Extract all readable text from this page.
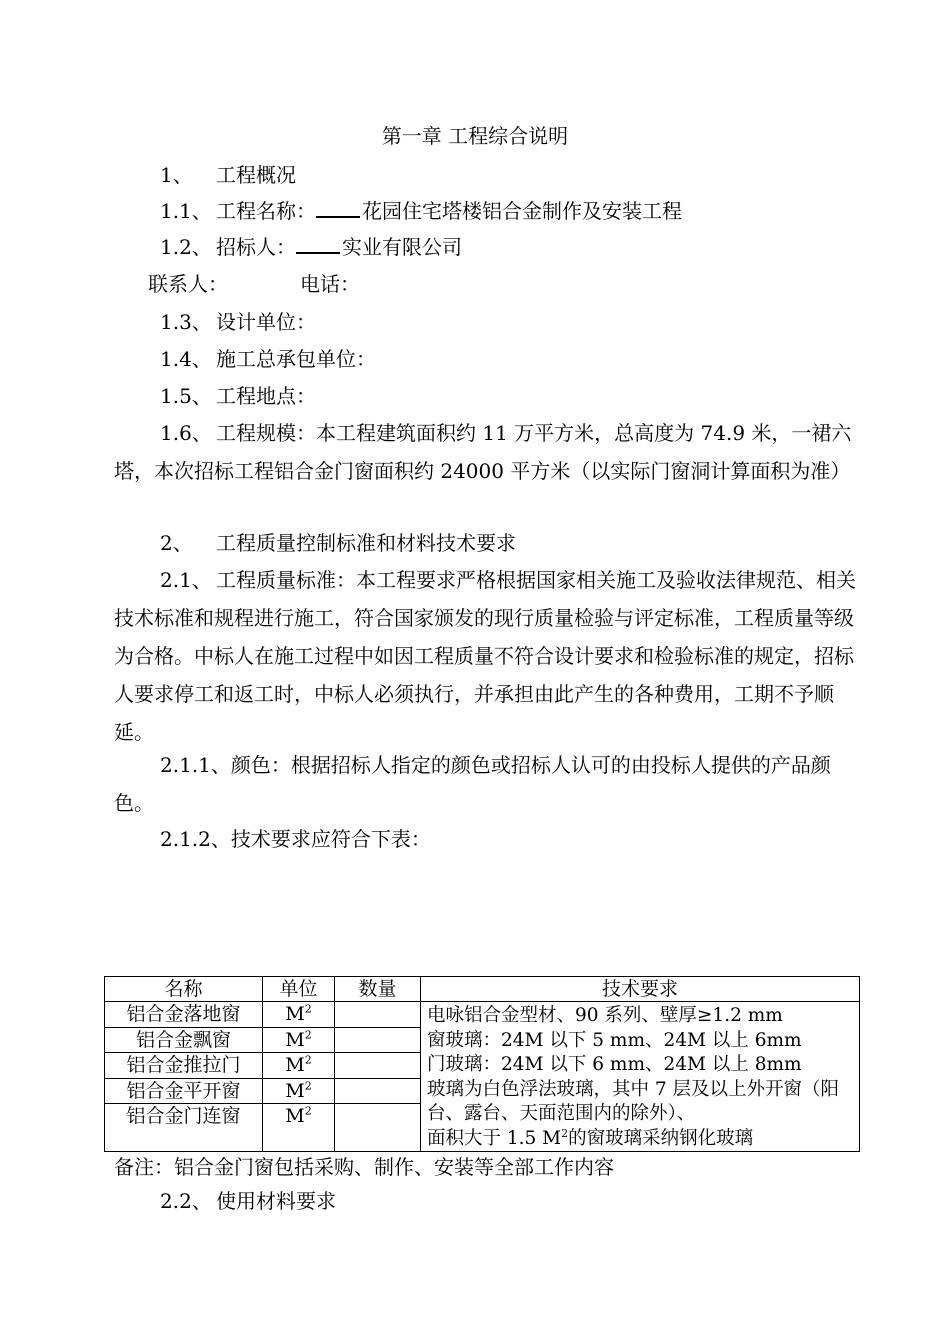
第一章 工程综合说明

1、 工程概况

1.1、 工程名称： 花园住宅塔楼铝合金制作及安装工程

1.2、 招标人： 实业有限公司

联系人：	电话：

1.3、 设计单位：

1.4、 施工总承包单位：

1.5、 工程地点：

1.6、 工程规模：本工程建筑面积约 11 万平方米，总高度为 74.9 米，一裙六塔，本次招标工程铝合金门窗面积约 24000 平方米（以实际门窗洞计算面积为准）

2、 工程质量控制标准和材料技术要求

2.1、 工程质量标准：本工程要求严格根据国家相关施工及验收法律规范、相关技术标准和规程进行施工，符合国家颁发的现行质量检验与评定标准，工程质量等级为合格。中标人在施工过程中如因工程质量不符合设计要求和检验标准的规定，招标人要求停工和返工时，中标人必须执行，并承担由此产生的各种费用，工期不予顺延。

2.1.1、颜色：根据招标人指定的颜色或招标人认可的由投标人提供的产品颜色。

2.1.2、技术要求应符合下表：

名称	单位	数量	技术要求
铝合金落地窗	$M^2$		电咏铝合金型材、90 系列、壁厚≥1.2 mm
窗玻璃：24M 以下 5 mm、24M 以上 6mm
门玻璃：24M 以下 6 mm、24M 以上 8mm
玻璃为白色浮法玻璃，其中 7 层及以上外开窗（阳台、露台、天面范围内的除外）、
面积大于 1.5 $M^2$的窗玻璃采纳钢化玻璃

铝合金飘窗	$M^2$	
铝合金推拉门	$M^2$	
铝合金平开窗	$M^2$	
铝合金门连窗	$M^2$	
备注：铝合金门窗包括采购、制作、安装等全部工作内容
2.2、 使用材料要求
